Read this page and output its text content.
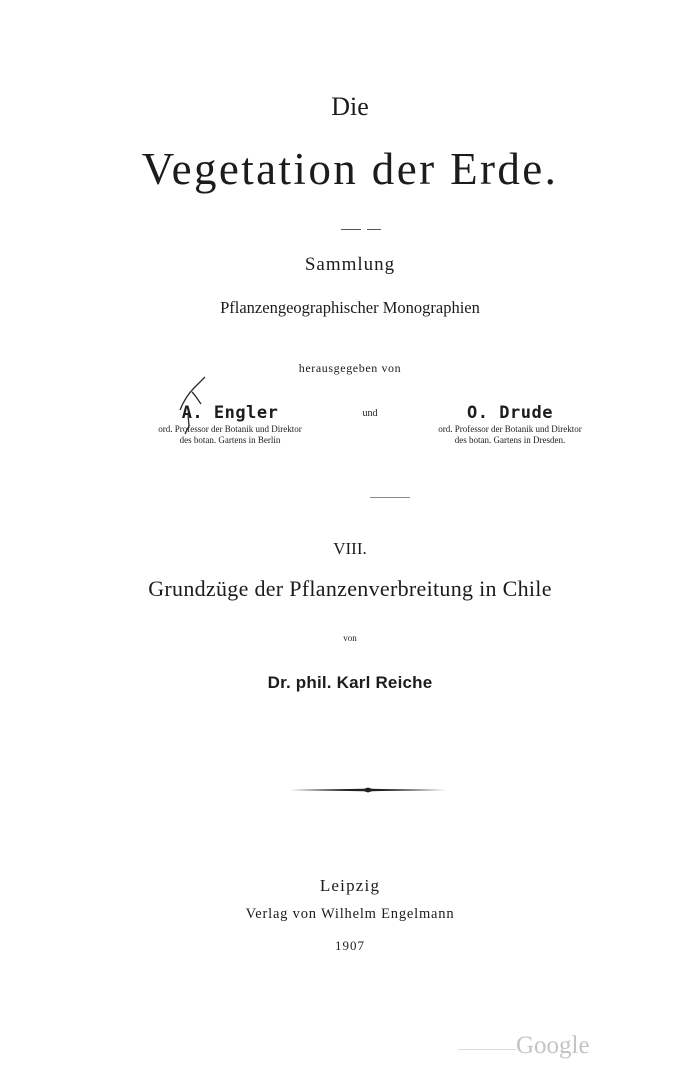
Die
Vegetation der Erde.
Sammlung
Pflanzengeographischer Monographien
herausgegeben von
A. Engler
ord. Professor der Botanik und Direktor
des botan. Gartens in Berlin
und	O. Drude
ord. Professor der Botanik und Direktor
des botan. Gartens in Dresden.
VIII.
Grundzüge der Pflanzenverbreitung in Chile
von
Dr. phil. Karl Reiche
Leipzig
Verlag von Wilhelm Engelmann
1907
Google
